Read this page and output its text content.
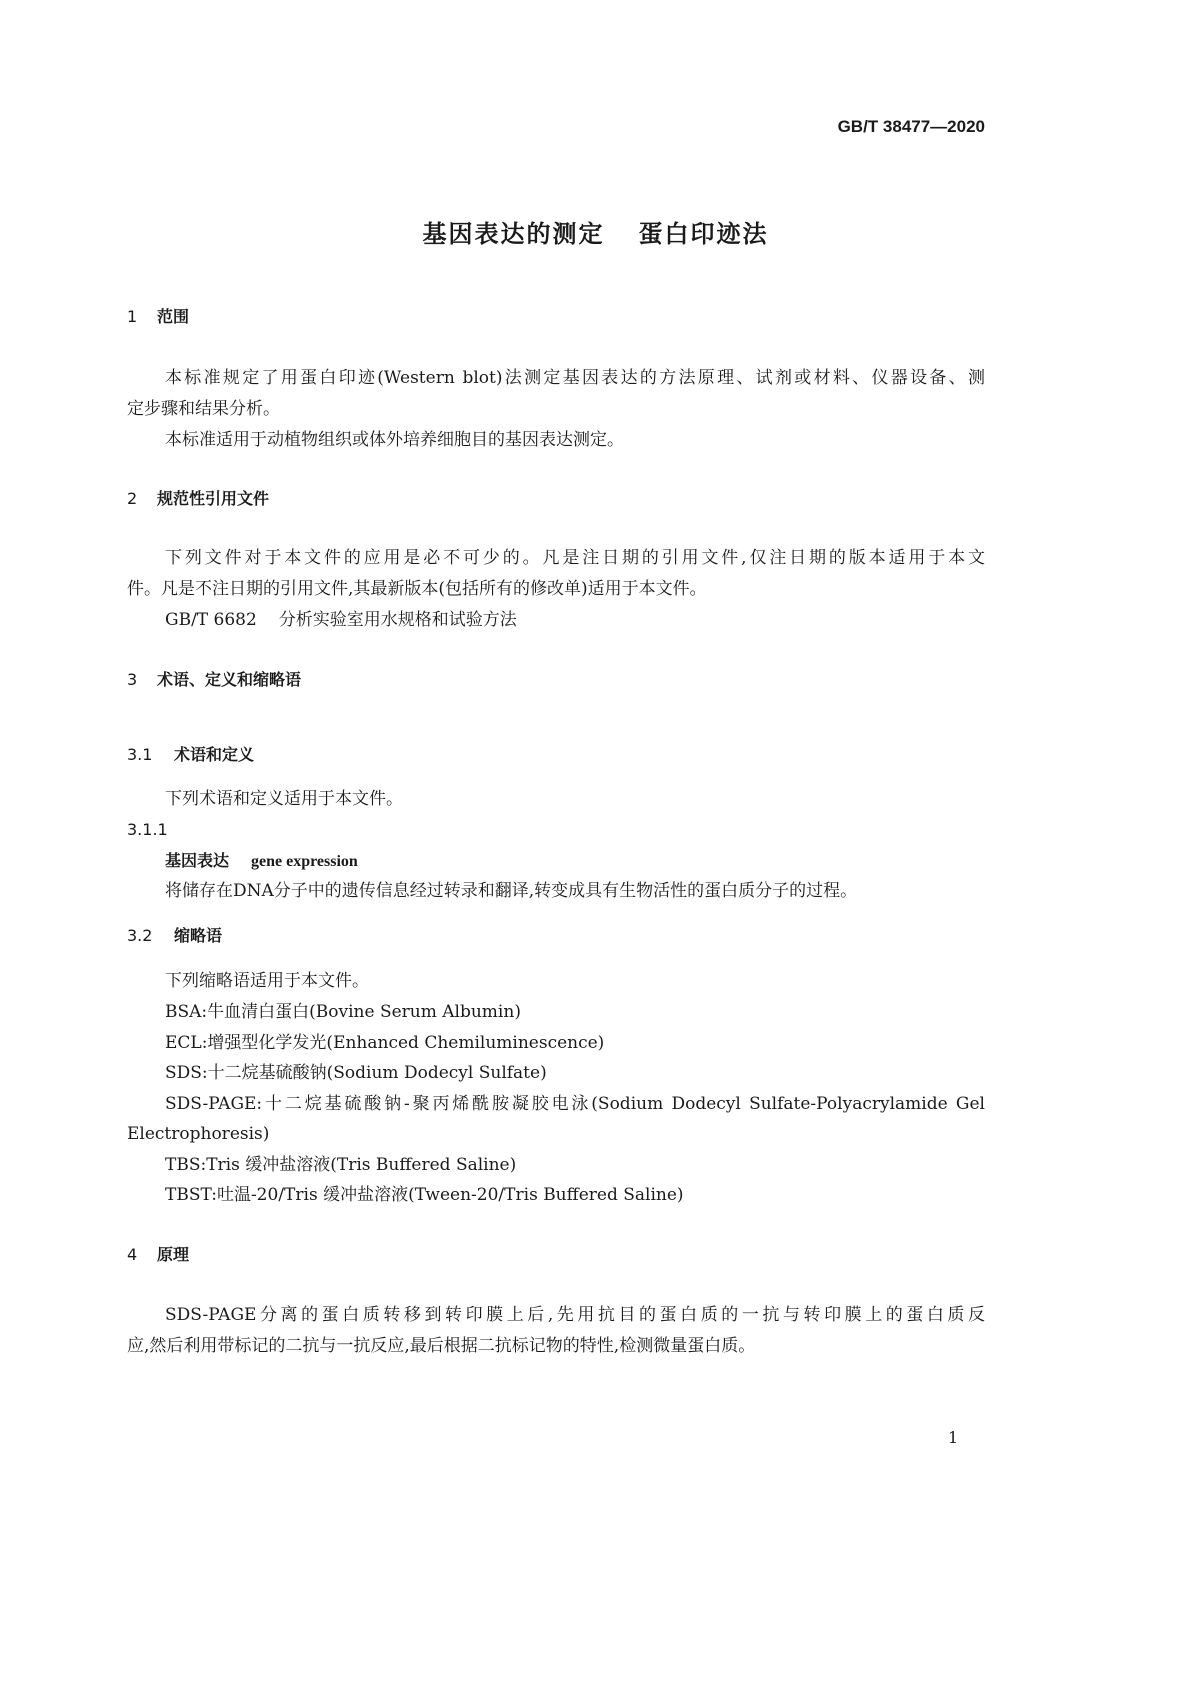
GB/T 38477—2020
基因表达的测定 蛋白印迹法
1 范围
本标准规定了用蛋白印迹(Western blot)法测定基因表达的方法原理、试剂或材料、仪器设备、测
定步骤和结果分析。
本标准适用于动植物组织或体外培养细胞目的基因表达测定。
2 规范性引用文件
下列文件对于本文件的应用是必不可少的。凡是注日期的引用文件,仅注日期的版本适用于本文
件。凡是不注日期的引用文件,其最新版本(包括所有的修改单)适用于本文件。
GB/T 6682 分析实验室用水规格和试验方法
3 术语、定义和缩略语
3.1 术语和定义
下列术语和定义适用于本文件。
3.1.1
基因表达 gene expression
将储存在DNA分子中的遗传信息经过转录和翻译,转变成具有生物活性的蛋白质分子的过程。
3.2 缩略语
下列缩略语适用于本文件。
BSA:牛血清白蛋白(Bovine Serum Albumin)
ECL:增强型化学发光(Enhanced Chemiluminescence)
SDS:十二烷基硫酸钠(Sodium Dodecyl Sulfate)
SDS-PAGE:十二烷基硫酸钠-聚丙烯酰胺凝胶电泳(Sodium Dodecyl Sulfate-Polyacrylamide Gel
Electrophoresis)
TBS:Tris 缓冲盐溶液(Tris Buffered Saline)
TBST:吐温-20/Tris 缓冲盐溶液(Tween-20/Tris Buffered Saline)
4 原理
SDS-PAGE分离的蛋白质转移到转印膜上后,先用抗目的蛋白质的一抗与转印膜上的蛋白质反
应,然后利用带标记的二抗与一抗反应,最后根据二抗标记物的特性,检测微量蛋白质。
1
